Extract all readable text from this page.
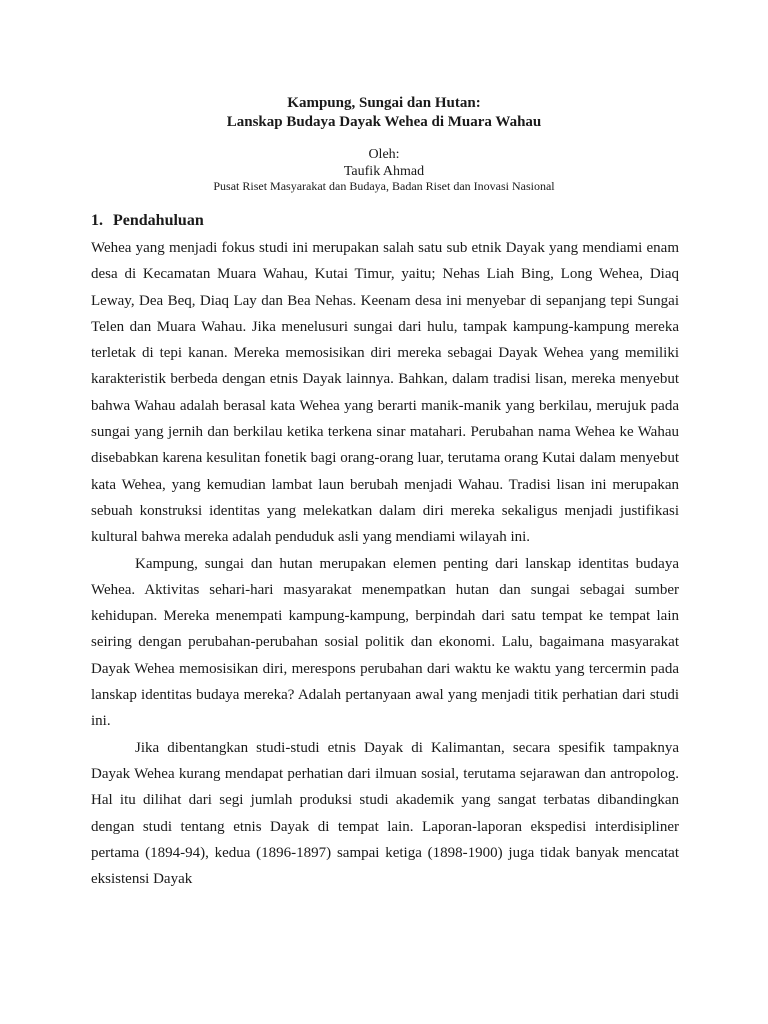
Kampung, Sungai dan Hutan:
Lanskap Budaya Dayak Wehea di Muara Wahau
Oleh:
Taufik Ahmad
Pusat Riset Masyarakat dan Budaya, Badan Riset dan Inovasi Nasional
1. Pendahuluan

Wehea yang menjadi fokus studi ini merupakan salah satu sub etnik Dayak yang mendiami enam desa di Kecamatan Muara Wahau, Kutai Timur, yaitu; Nehas Liah Bing, Long Wehea, Diaq Leway, Dea Beq, Diaq Lay dan Bea Nehas. Keenam desa ini menyebar di sepanjang tepi Sungai Telen dan Muara Wahau. Jika menelusuri sungai dari hulu, tampak kampung-kampung mereka terletak di tepi kanan. Mereka memosisikan diri mereka sebagai Dayak Wehea yang memiliki karakteristik berbeda dengan etnis Dayak lainnya. Bahkan, dalam tradisi lisan, mereka menyebut bahwa Wahau adalah berasal kata Wehea yang berarti manik-manik yang berkilau, merujuk pada sungai yang jernih dan berkilau ketika terkena sinar matahari. Perubahan nama Wehea ke Wahau disebabkan karena kesulitan fonetik bagi orang-orang luar, terutama orang Kutai dalam menyebut kata Wehea, yang kemudian lambat laun berubah menjadi Wahau. Tradisi lisan ini merupakan sebuah konstruksi identitas yang melekatkan dalam diri mereka sekaligus menjadi justifikasi kultural bahwa mereka adalah penduduk asli yang mendiami wilayah ini.

Kampung, sungai dan hutan merupakan elemen penting dari lanskap identitas budaya Wehea. Aktivitas sehari-hari masyarakat menempatkan hutan dan sungai sebagai sumber kehidupan. Mereka menempati kampung-kampung, berpindah dari satu tempat ke tempat lain seiring dengan perubahan-perubahan sosial politik dan ekonomi. Lalu, bagaimana masyarakat Dayak Wehea memosisikan diri, merespons perubahan dari waktu ke waktu yang tercermin pada lanskap identitas budaya mereka? Adalah pertanyaan awal yang menjadi titik perhatian dari studi ini.

Jika dibentangkan studi-studi etnis Dayak di Kalimantan, secara spesifik tampaknya Dayak Wehea kurang mendapat perhatian dari ilmuan sosial, terutama sejarawan dan antropolog. Hal itu dilihat dari segi jumlah produksi studi akademik yang sangat terbatas dibandingkan dengan studi tentang etnis Dayak di tempat lain. Laporan-laporan ekspedisi interdisipliner pertama (1894-94), kedua (1896-1897) sampai ketiga (1898-1900) juga tidak banyak mencatat eksistensi Dayak
